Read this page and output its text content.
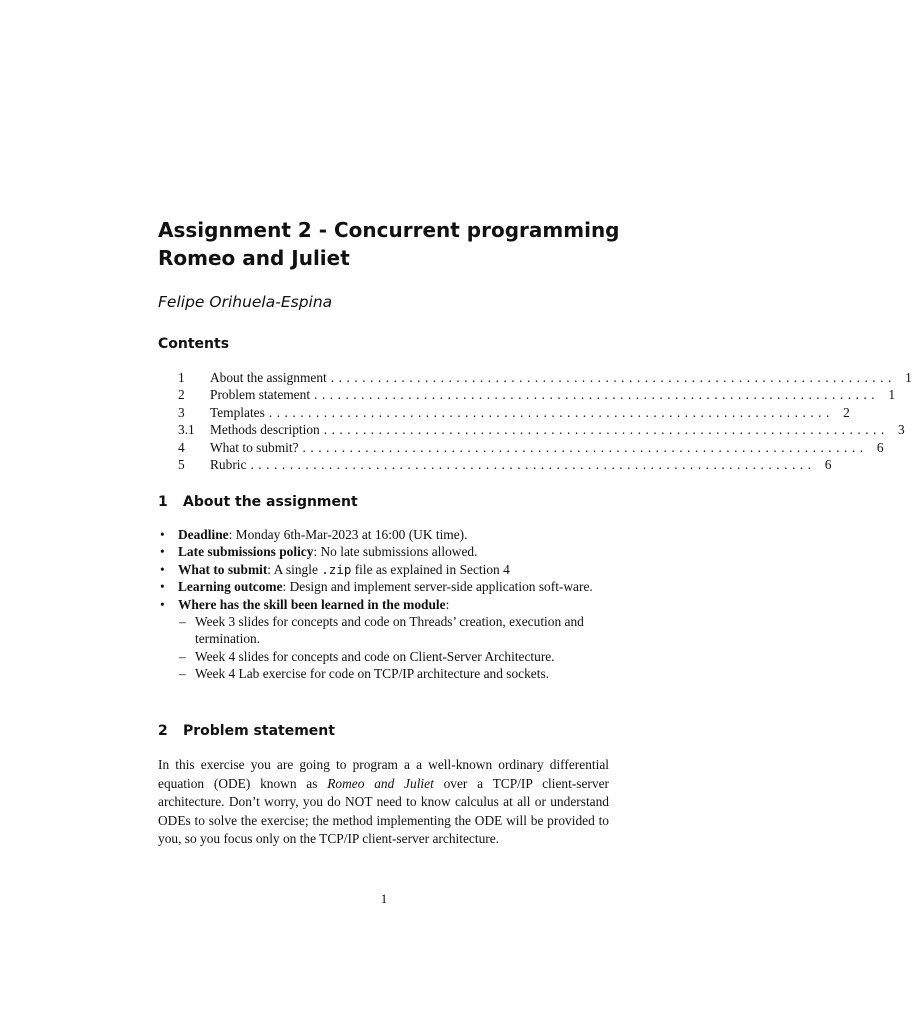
Assignment 2 - Concurrent programming
Romeo and Juliet
Felipe Orihuela-Espina
Contents
1	About the assignment ........................................................................ 1
2	Problem statement ........................................................................ 1
3	Templates ........................................................................ 2
3.1	Methods description ........................................................................ 3
4	What to submit? ........................................................................ 6
5	Rubric ........................................................................ 6
1 About the assignment
• Deadline: Monday 6th-Mar-2023 at 16:00 (UK time).
• Late submissions policy: No late submissions allowed.
• What to submit: A single .zip file as explained in Section 4
• Learning outcome: Design and implement server-side application soft-ware.
• Where has the skill been learned in the module:
– Week 3 slides for concepts and code on Threads’ creation, execution and termination.
– Week 4 slides for concepts and code on Client-Server Architecture.
– Week 4 Lab exercise for code on TCP/IP architecture and sockets.
2 Problem statement
In this exercise you are going to program a a well-known ordinary differential equation (ODE) known as Romeo and Juliet over a TCP/IP client-server architecture. Don’t worry, you do NOT need to know calculus at all or understand ODEs to solve the exercise; the method implementing the ODE will be provided to you, so you focus only on the TCP/IP client-server architecture.
1
